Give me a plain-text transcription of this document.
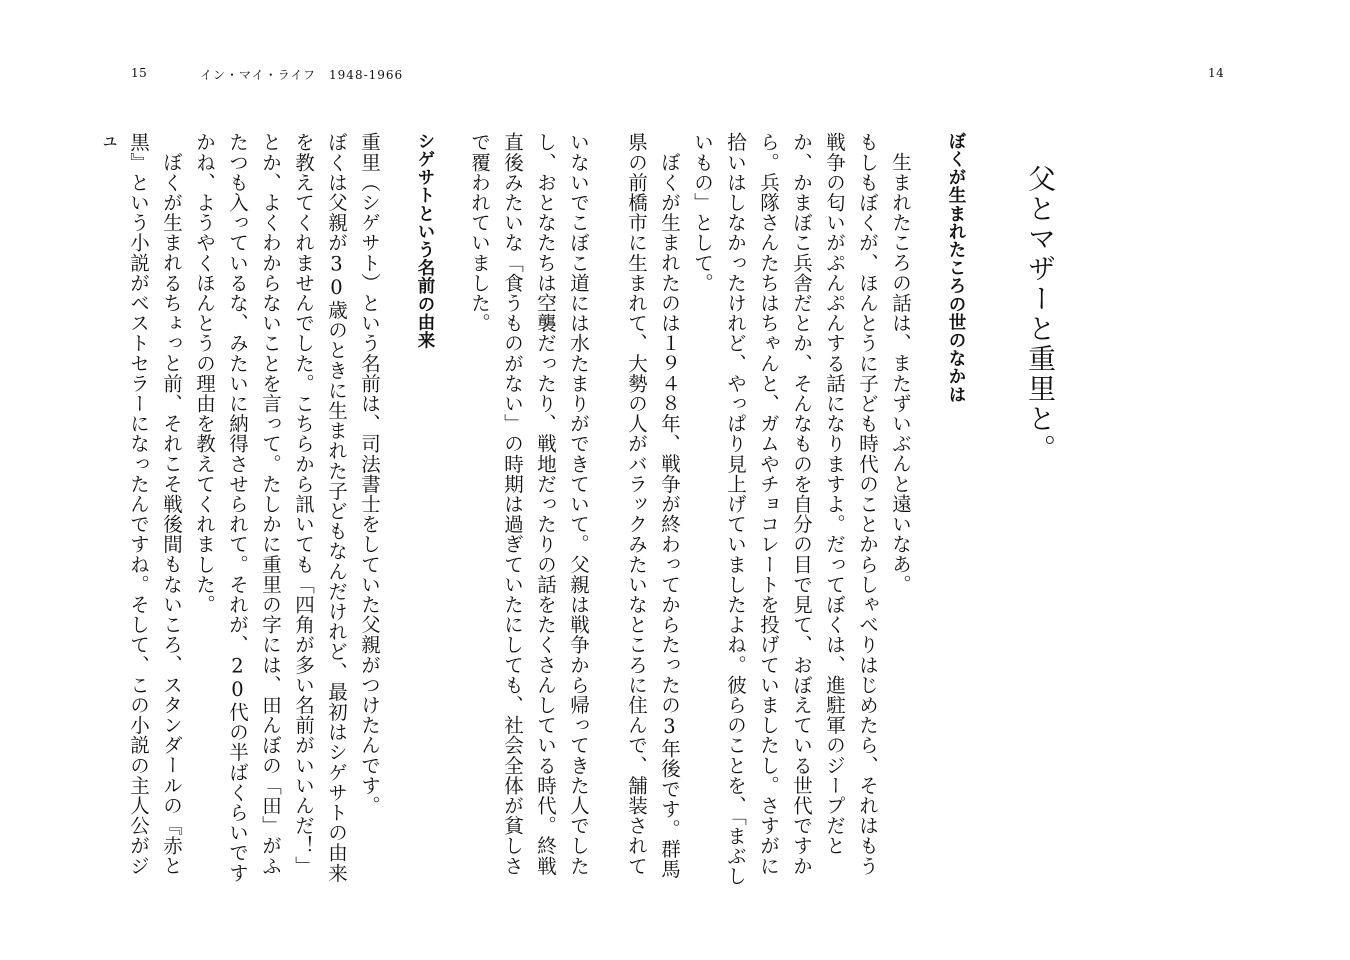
14
15	イン・マイ・ライフ　1948-1966
父とマザーと重里と。
ぼくが生まれたころの世のなかは

生まれたころの話は、またずいぶんと遠いなあ。

もしもぼくが、ほんとうに子ども時代のことからしゃべりはじめたら、それはもう戦争の匂いがぷんぷんする話になりますよ。だってぼくは、進駐軍のジープだとか、かまぼこ兵舎だとか、そんなものを自分の目で見て、おぼえている世代ですから。兵隊さんたちはちゃんと、ガムやチョコレートを投げていましたし。さすがに拾いはしなかったけれど、やっぱり見上げていましたよね。彼らのことを、「まぶしいもの」として。

ぼくが生まれたのは１９４８年、戦争が終わってからたったの3年後です。群馬県の前橋市に生まれて、大勢の人がバラックみたいなところに住んで、舗装されて

いないでこぼこ道には水たまりができていて。父親は戦争から帰ってきた人でしたし、おとなたちは空襲だったり、戦地だったりの話をたくさんしている時代。終戦直後みたいな「食うものがない」の時期は過ぎていたにしても、社会全体が貧しさで覆われていました。

シゲサトという名前の由来

重里（シゲサト）という名前は、司法書士をしていた父親がつけたんです。

ぼくは父親が30歳のときに生まれた子どもなんだけれど、最初はシゲサトの由来を教えてくれませんでした。こちらから訊いても「四角が多い名前がいいんだ！」とか、よくわからないことを言って。たしかに重里の字には、田んぼの「田」がふたつも入っているな、みたいに納得させられて。それが、20代の半ばくらいですかね、ようやくほんとうの理由を教えてくれました。

ぼくが生まれるちょっと前、それこそ戦後間もないころ、スタンダールの『赤と黒』という小説がベストセラーになったんですね。そして、この小説の主人公がジュ
